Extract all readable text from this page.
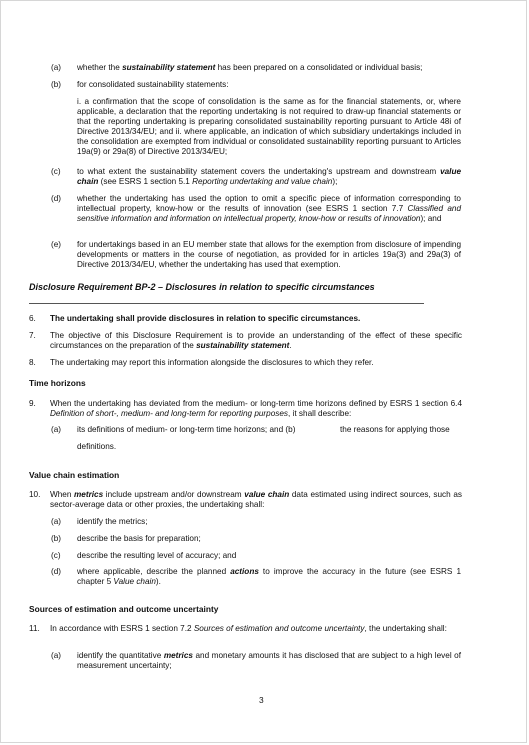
(a) whether the sustainability statement has been prepared on a consolidated or individual basis;
(b) for consolidated sustainability statements:
i. a confirmation that the scope of consolidation is the same as for the financial statements, or, where applicable, a declaration that the reporting undertaking is not required to draw-up financial statements or that the reporting undertaking is preparing consolidated sustainability reporting pursuant to Article 48i of Directive 2013/34/EU; and ii. where applicable, an indication of which subsidiary undertakings included in the consolidation are exempted from individual or consolidated sustainability reporting pursuant to Articles 19a(9) or 29a(8) of Directive 2013/34/EU;
(c) to what extent the sustainability statement covers the undertaking's upstream and downstream value chain (see ESRS 1 section 5.1 Reporting undertaking and value chain);
(d) whether the undertaking has used the option to omit a specific piece of information corresponding to intellectual property, know-how or the results of innovation (see ESRS 1 section 7.7 Classified and sensitive information and information on intellectual property, know-how or results of innovation); and
(e) for undertakings based in an EU member state that allows for the exemption from disclosure of impending developments or matters in the course of negotiation, as provided for in articles 19a(3) and 29a(3) of Directive 2013/34/EU, whether the undertaking has used that exemption.
Disclosure Requirement BP-2 – Disclosures in relation to specific circumstances
6. The undertaking shall provide disclosures in relation to specific circumstances.
7. The objective of this Disclosure Requirement is to provide an understanding of the effect of these specific circumstances on the preparation of the sustainability statement.
8. The undertaking may report this information alongside the disclosures to which they refer.
Time horizons
9. When the undertaking has deviated from the medium- or long-term time horizons defined by ESRS 1 section 6.4 Definition of short-, medium- and long-term for reporting purposes, it shall describe:
(a) its definitions of medium- or long-term time horizons; and (b)	the reasons for applying those
definitions.
Value chain estimation
10. When metrics include upstream and/or downstream value chain data estimated using indirect sources, such as sector-average data or other proxies, the undertaking shall:
(a) identify the metrics;
(b) describe the basis for preparation;
(c) describe the resulting level of accuracy; and
(d) where applicable, describe the planned actions to improve the accuracy in the future (see ESRS 1 chapter 5 Value chain).
Sources of estimation and outcome uncertainty
11. In accordance with ESRS 1 section 7.2 Sources of estimation and outcome uncertainty, the undertaking shall:
(a) identify the quantitative metrics and monetary amounts it has disclosed that are subject to a high level of measurement uncertainty;
3
